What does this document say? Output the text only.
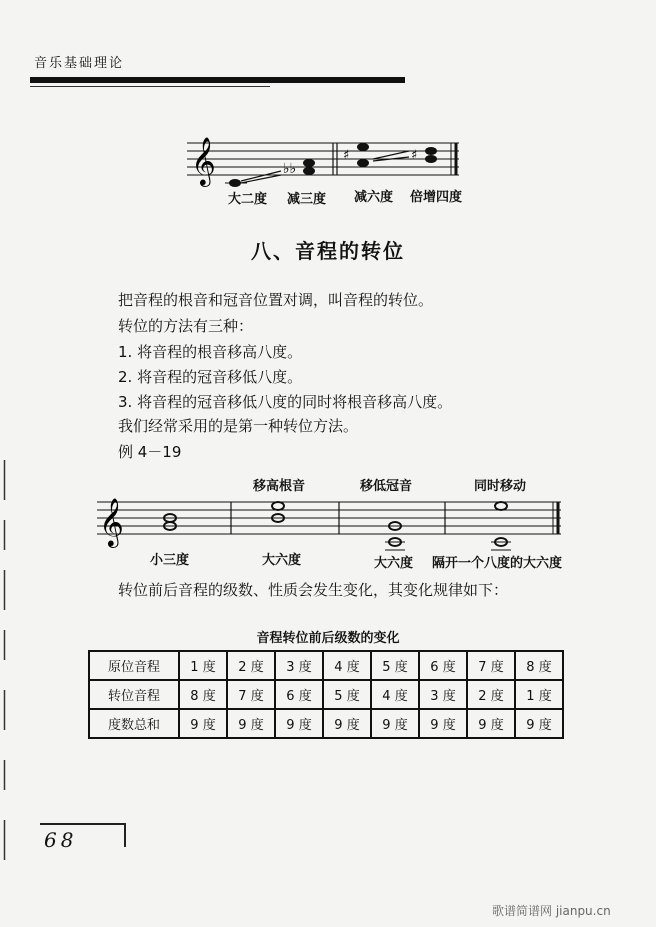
音乐基础理论
𝄞	♭♭
♯	♯
大二度 减三度 减六度 倍增四度
八、音程的转位
把音程的根音和冠音位置对调，叫音程的转位。
转位的方法有三种：
1. 将音程的根音移高八度。
2. 将音程的冠音移低八度。
3. 将音程的冠音移低八度的同时将根音移高八度。
我们经常采用的是第一种转位方法。
例 4－19
移高根音	移低冠音	同时移动
𝄞
小三度	大六度	大六度 隔开一个八度的大六度
转位前后音程的级数、性质会发生变化，其变化规律如下：
音程转位前后级数的变化
原位音程	1 度	2 度	3 度	4 度	5 度	6 度	7 度	8 度
转位音程	8 度	7 度	6 度	5 度	4 度	3 度	2 度	1 度
度数总和	9 度	9 度	9 度	9 度	9 度	9 度	9 度	9 度
68
歌谱简谱网 jianpu.cn
